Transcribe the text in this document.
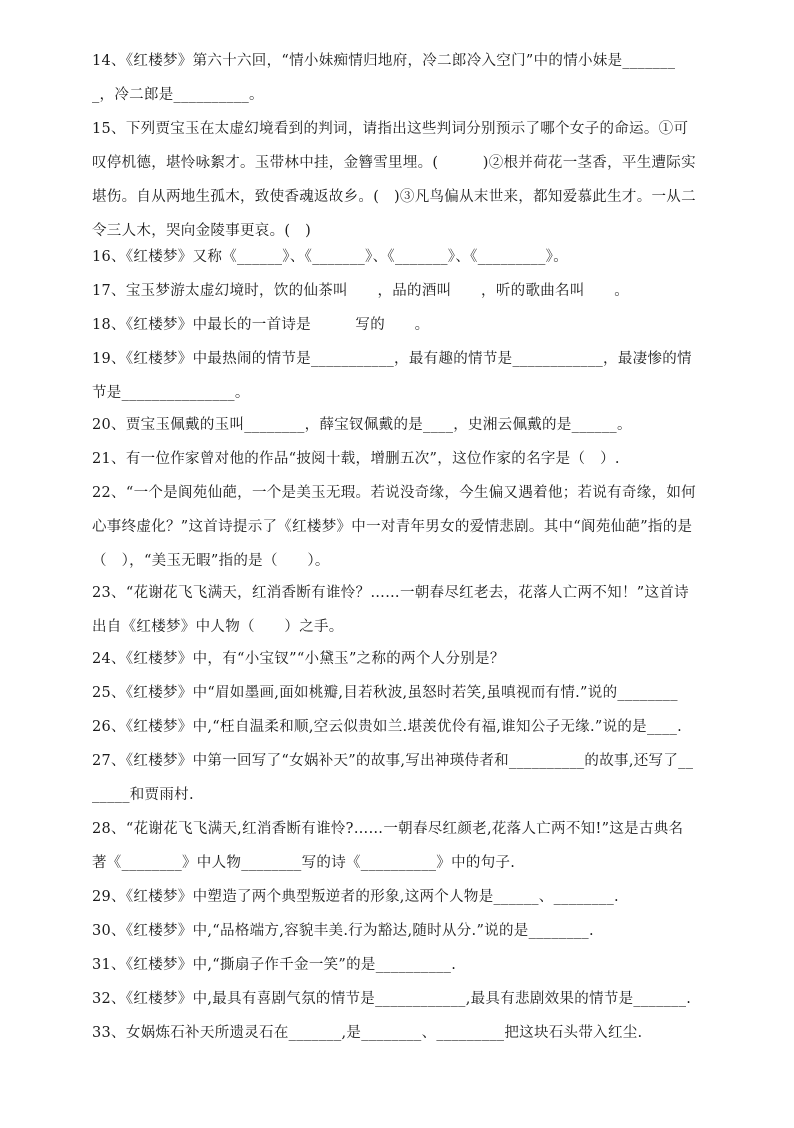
14、《红楼梦》第六十六回，“情小妹痴情归地府，冷二郎冷入空门”中的情小妹是________，冷二郎是__________。
15、下列贾宝玉在太虚幻境看到的判词，请指出这些判词分别预示了哪个女子的命运。①可叹停机德，堪怜咏絮才。玉带林中挂，金簪雪里埋。(　　　)②根并荷花一茎香，平生遭际实堪伤。自从两地生孤木，致使香魂返故乡。(　)③凡鸟偏从末世来，都知爱慕此生才。一从二令三人木，哭向金陵事更哀。(　)
16、《红楼梦》又称《______》、《_______》、《_______》、《_________》。
17、宝玉梦游太虚幻境时，饮的仙茶叫　　，品的酒叫　　，听的歌曲名叫　　。
18、《红楼梦》中最长的一首诗是　　　写的　　。
19、《红楼梦》中最热闹的情节是___________，最有趣的情节是____________，最凄惨的情节是_______________。
20、贾宝玉佩戴的玉叫________，薛宝钗佩戴的是____，史湘云佩戴的是______。
21、有一位作家曾对他的作品“披阅十载，增删五次”，这位作家的名字是（　）.
22、“一个是阆苑仙葩，一个是美玉无瑕。若说没奇缘，今生偏又遇着他；若说有奇缘，如何心事终虚化？”这首诗提示了《红楼梦》中一对青年男女的爱情悲剧。其中“阆苑仙葩”指的是（　），“美玉无暇”指的是（　　）。
23、“花谢花飞飞满天，红消香断有谁怜？……一朝春尽红老去，花落人亡两不知！”这首诗出自《红楼梦》中人物（　　）之手。
24、《红楼梦》中，有“小宝钗”“小黛玉”之称的两个人分别是？
25、《红楼梦》中“眉如墨画,面如桃瓣,目若秋波,虽怒时若笑,虽嗔视而有情.”说的________
26、《红楼梦》中,“枉自温柔和顺,空云似贵如兰.堪羡优伶有福,谁知公子无缘.”说的是____.
27、《红楼梦》中第一回写了“女娲补天”的故事,写出神瑛侍者和__________的故事,还写了_______和贾雨村.
28、“花谢花飞飞满天,红消香断有谁怜?……一朝春尽红颜老,花落人亡两不知!”这是古典名著《________》中人物________写的诗《__________》中的句子.
29、《红楼梦》中塑造了两个典型叛逆者的形象,这两个人物是______、________.
30、《红楼梦》中,“品格端方,容貌丰美.行为豁达,随时从分.”说的是________.
31、《红楼梦》中,“撕扇子作千金一笑”的是__________.
32、《红楼梦》中,最具有喜剧气氛的情节是____________,最具有悲剧效果的情节是_______.
33、女娲炼石补天所遗灵石在_______,是________、_________把这块石头带入红尘.
